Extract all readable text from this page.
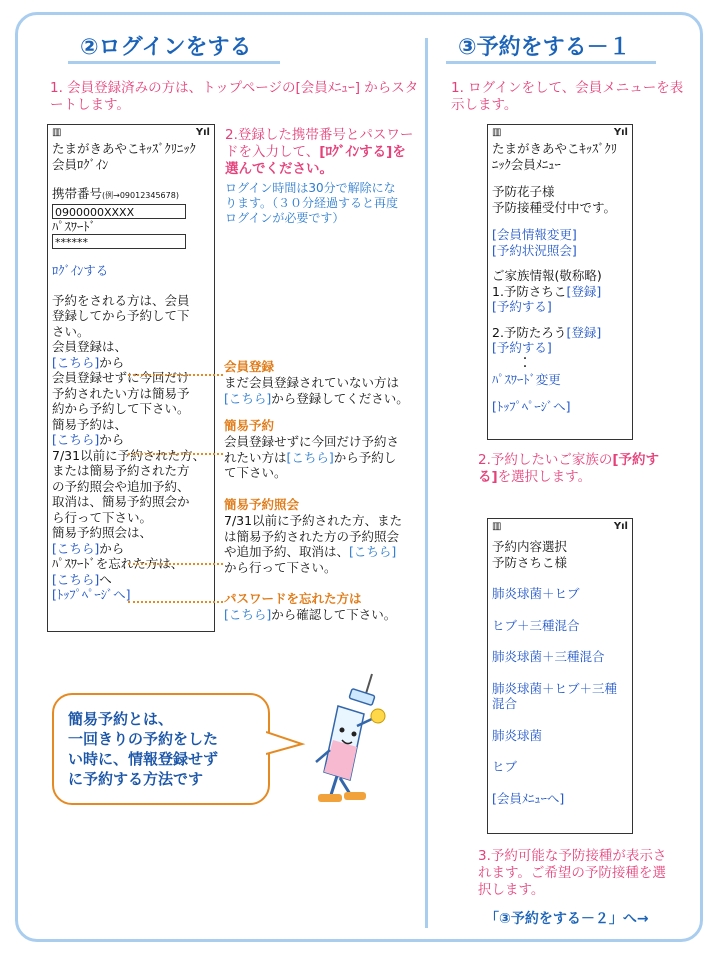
②ログインをする
1. 会員登録済みの方は、トップページの[会員ﾒﾆｭｰ] からスタートします。
▥	Yıl
たまがきあやこｷｯｽﾞｸﾘﾆｯｸ
会員ﾛｸﾞｲﾝ
携帯番号(例→09012345678)
0900000XXXX
ﾊﾟｽﾜｰﾄﾞ
******
ﾛｸﾞｲﾝする
予約をされる方は、会員
登録してから予約して下
さい。
会員登録は、
[こちら]から
会員登録せずに今回だけ
予約されたい方は簡易予
約から予約して下さい。
簡易予約は、
[こちら]から
7/31以前に予約された方、
または簡易予約された方
の予約照会や追加予約、
取消は、簡易予約照会か
ら行って下さい。
簡易予約照会は、
[こちら]から
ﾊﾟｽﾜｰﾄﾞを忘れた方は、
[こちら]へ
[ﾄｯﾌﾟﾍﾟｰｼﾞへ]
2.登録した携帯番号とパスワードを入力して、[ﾛｸﾞｲﾝする]を選んでください。
ログイン時間は30分で解除になります。（３０分経過すると再度ログインが必要です）
会員登録
まだ会員登録されていない方は
[こちら]から登録してください。
簡易予約
会員登録せずに今回だけ予約さ
れたい方は[こちら]から予約し
て下さい。
簡易予約照会
7/31以前に予約された方、また
は簡易予約された方の予約照会
や追加予約、取消は、[こちら]
から行って下さい。
パスワードを忘れた方は
[こちら]から確認して下さい。
簡易予約とは、
一回きりの予約をした
い時に、情報登録せず
に予約する方法です
③予約をする－１
1. ログインをして、会員メニューを表示します。
▥	Yıl
たまがきあやこｷｯｽﾞｸﾘ
ﾆｯｸ会員ﾒﾆｭｰ
予防花子様
予防接種受付中です。
[会員情報変更]
[予約状況照会]
ご家族情報(敬称略)
1.予防さちこ[登録]
[予約する]
2.予防たろう[登録]
[予約する]
・
・
ﾊﾟｽﾜｰﾄﾞ変更
[ﾄｯﾌﾟﾍﾟｰｼﾞへ]
2.予約したいご家族の[予約する]を選択します。
▥	Yıl
予約内容選択
予防さちこ様
肺炎球菌＋ヒブ
ヒブ＋三種混合
肺炎球菌＋三種混合
肺炎球菌＋ヒブ＋三種
混合
肺炎球菌
ヒブ
[会員ﾒﾆｭｰへ]
3.予約可能な予防接種が表示されます。ご希望の予防接種を選択します。
「③予約をする－２」へ→
